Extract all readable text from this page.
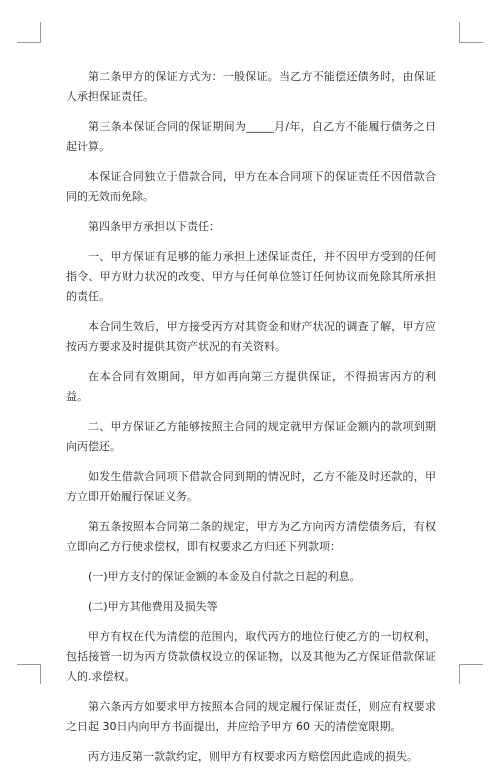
第二条甲方的保证方式为：一般保证。当乙方不能偿还债务时，由保证人承担保证责任。

第三条本保证合同的保证期间为_____月/年，自乙方不能履行债务之日起计算。

本保证合同独立于借款合同，甲方在本合同项下的保证责任不因借款合同的无效而免除。

第四条甲方承担以下责任：

一、甲方保证有足够的能力承担上述保证责任，并不因甲方受到的任何指令、甲方财力状况的改变、甲方与任何单位签订任何协议而免除其所承担的责任。

本合同生效后，甲方接受丙方对其资金和财产状况的调查了解，甲方应按丙方要求及时提供其资产状况的有关资料。

在本合同有效期间，甲方如再向第三方提供保证，不得损害丙方的利益。

二、甲方保证乙方能够按照主合同的规定就甲方保证金额内的款项到期向丙偿还。

如发生借款合同项下借款合同到期的情况时，乙方不能及时还款的，甲方立即开始履行保证义务。

第五条按照本合同第二条的规定，甲方为乙方向丙方清偿债务后，有权立即向乙方行使求偿权，即有权要求乙方归还下列款项：

(一)甲方支付的保证金额的本金及自付款之日起的利息。

(二)甲方其他费用及损失等

甲方有权在代为清偿的范围内，取代丙方的地位行使乙方的一切权利，包括接管一切为丙方贷款债权设立的保证物，以及其他为乙方保证借款保证人的.求偿权。

第六条丙方如要求甲方按照本合同的规定履行保证责任，则应有权要求之日起 30日内向甲方书面提出，并应给予甲方 60 天的清偿宽限期。

丙方违反第一款款约定，则甲方有权要求丙方赔偿因此造成的损失。
